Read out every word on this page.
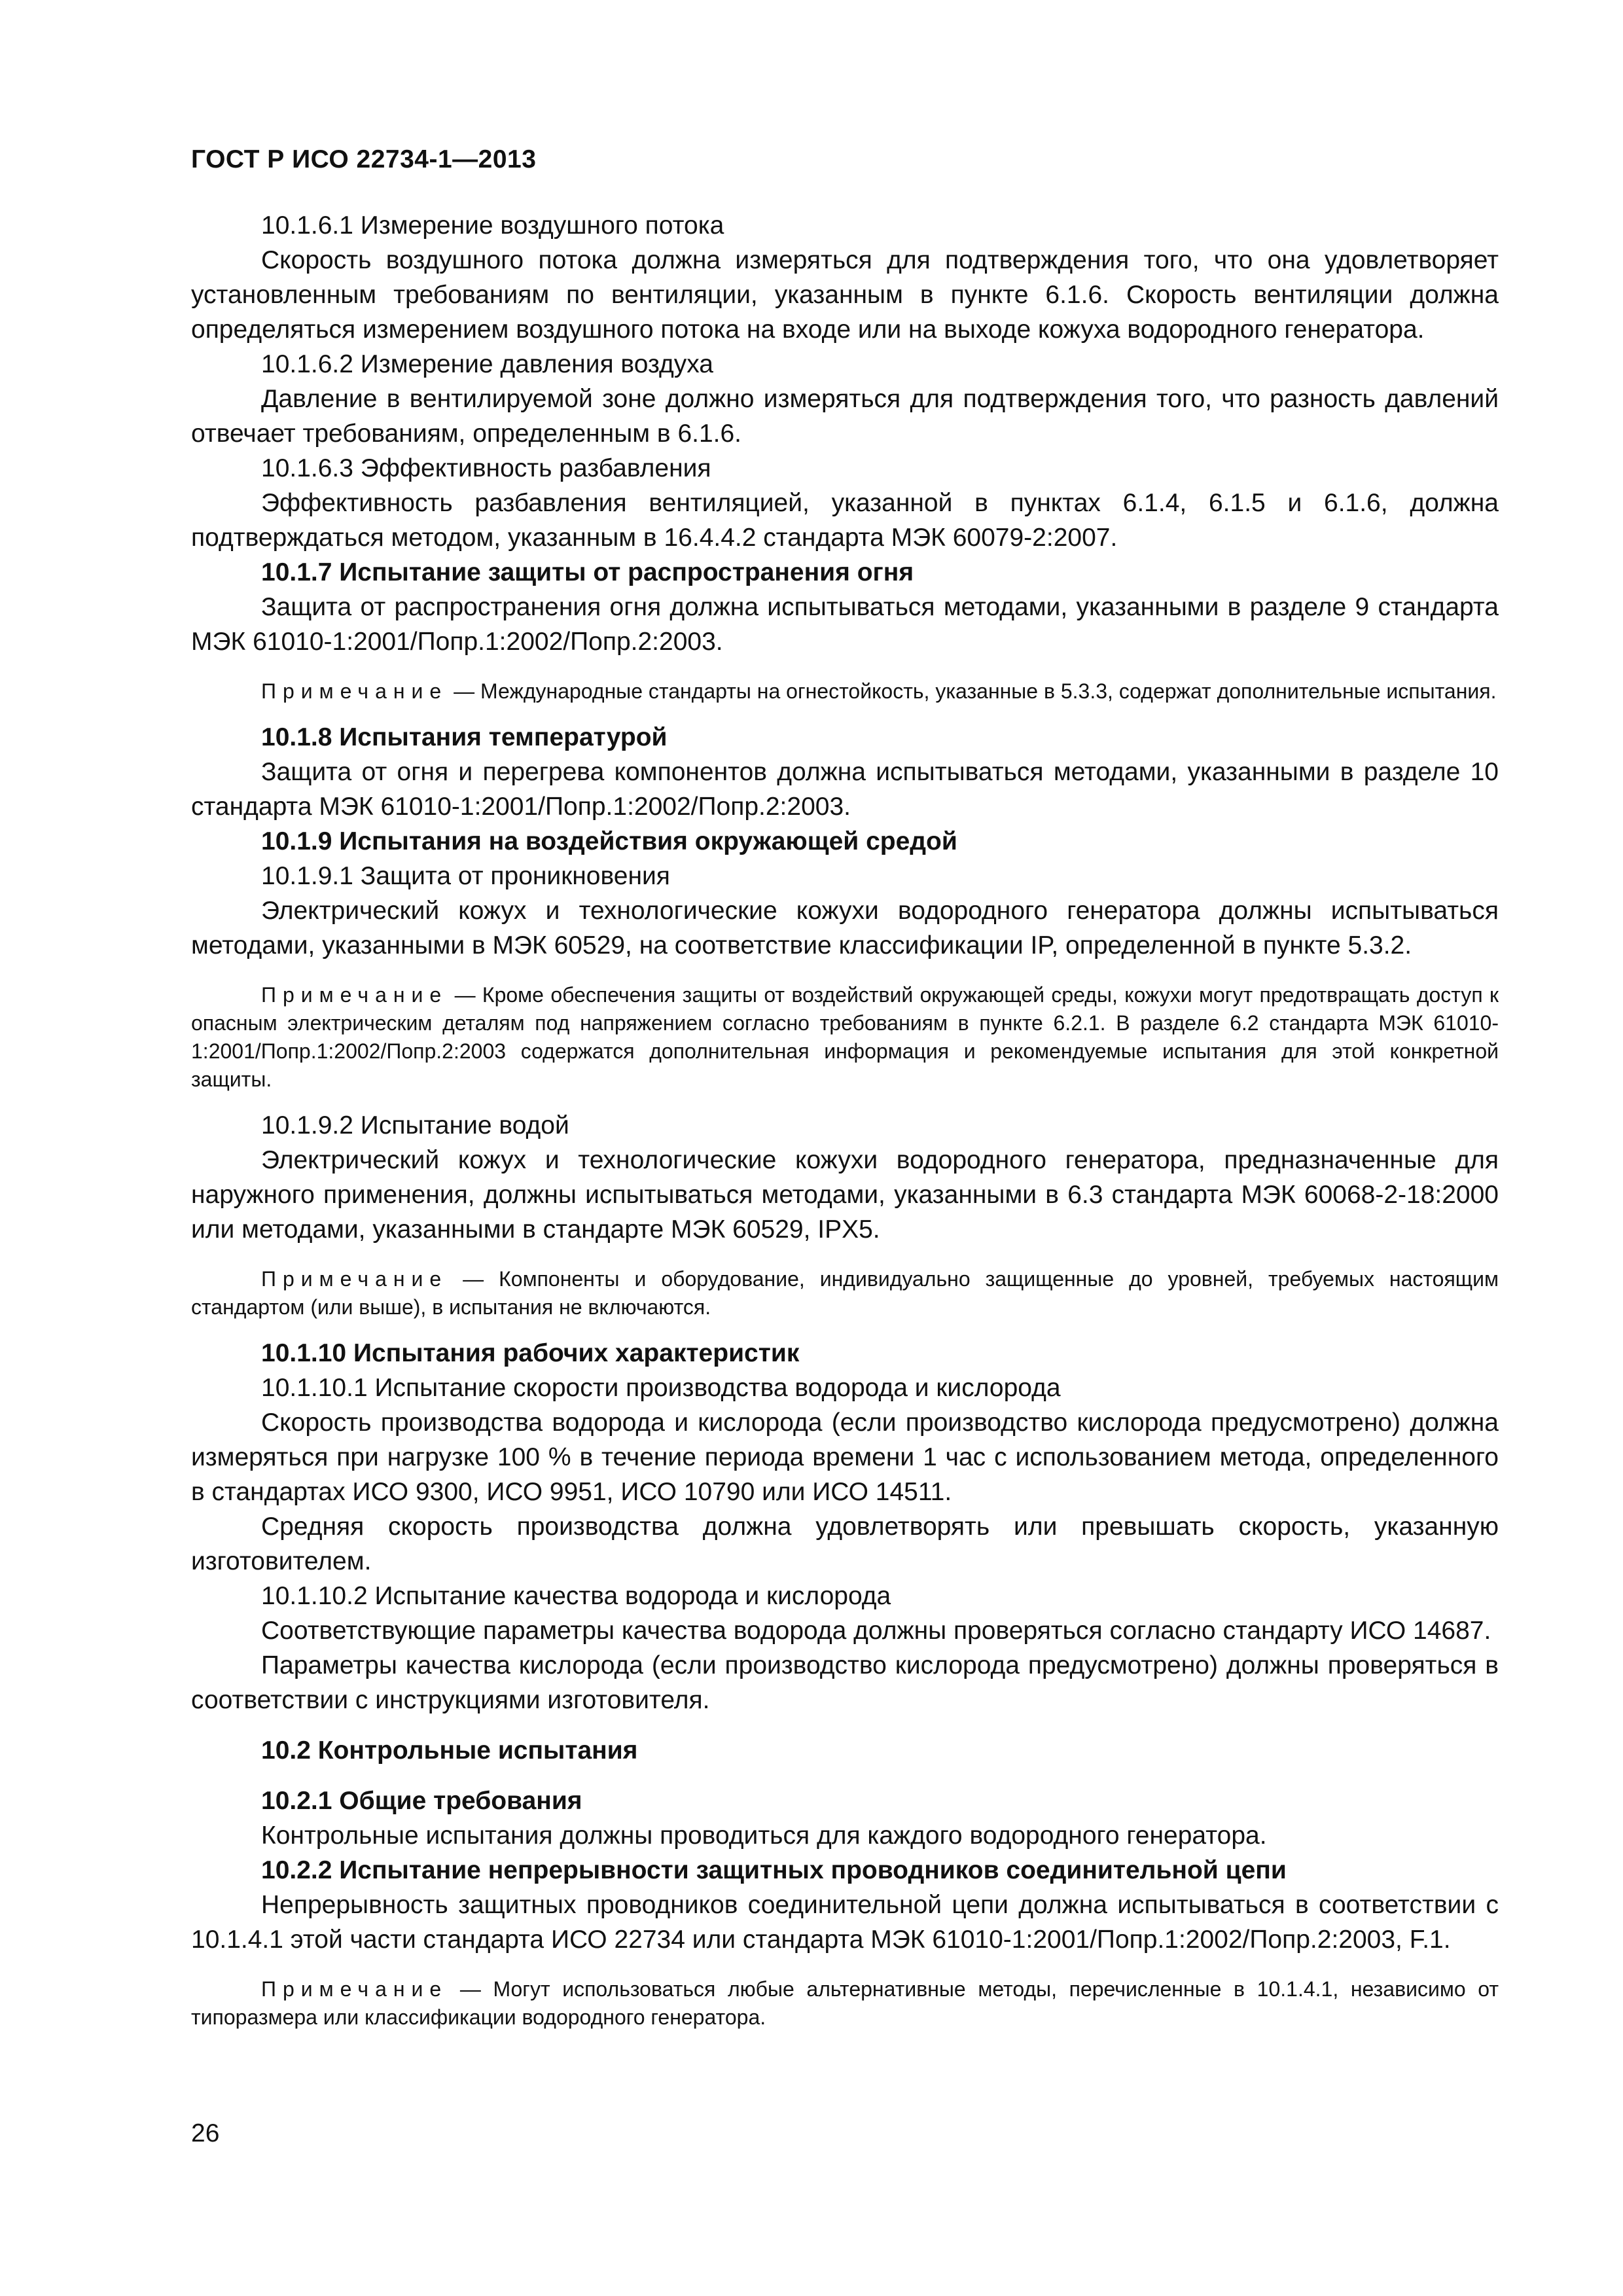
ГОСТ Р ИСО 22734-1—2013

10.1.6.1 Измерение воздушного потока

Скорость воздушного потока должна измеряться для подтверждения того, что она удовлетворяет установленным требованиям по вентиляции, указанным в пункте 6.1.6. Скорость вентиляции должна определяться измерением воздушного потока на входе или на выходе кожуха водородного генератора.

10.1.6.2 Измерение давления воздуха

Давление в вентилируемой зоне должно измеряться для подтверждения того, что разность давлений отвечает требованиям, определенным в 6.1.6.

10.1.6.3 Эффективность разбавления

Эффективность разбавления вентиляцией, указанной в пунктах 6.1.4, 6.1.5 и 6.1.6, должна подтверждаться методом, указанным в 16.4.4.2 стандарта МЭК 60079-2:2007.

10.1.7 Испытание защиты от распространения огня

Защита от распространения огня должна испытываться методами, указанными в разделе 9 стандарта МЭК 61010-1:2001/Попр.1:2002/Попр.2:2003.

Примечание — Международные стандарты на огнестойкость, указанные в 5.3.3, содержат дополнительные испытания.

10.1.8 Испытания температурой

Защита от огня и перегрева компонентов должна испытываться методами, указанными в разделе 10 стандарта МЭК 61010-1:2001/Попр.1:2002/Попр.2:2003.

10.1.9 Испытания на воздействия окружающей средой

10.1.9.1 Защита от проникновения

Электрический кожух и технологические кожухи водородного генератора должны испытываться методами, указанными в МЭК 60529, на соответствие классификации IP, определенной в пункте 5.3.2.

Примечание — Кроме обеспечения защиты от воздействий окружающей среды, кожухи могут предотвращать доступ к опасным электрическим деталям под напряжением согласно требованиям в пункте 6.2.1. В разделе 6.2 стандарта МЭК 61010-1:2001/Попр.1:2002/Попр.2:2003 содержатся дополнительная информация и рекомендуемые испытания для этой конкретной защиты.

10.1.9.2 Испытание водой

Электрический кожух и технологические кожухи водородного генератора, предназначенные для наружного применения, должны испытываться методами, указанными в 6.3 стандарта МЭК 60068-2-18:2000 или методами, указанными в стандарте МЭК 60529, IPX5.

Примечание — Компоненты и оборудование, индивидуально защищенные до уровней, требуемых настоящим стандартом (или выше), в испытания не включаются.

10.1.10 Испытания рабочих характеристик

10.1.10.1 Испытание скорости производства водорода и кислорода

Скорость производства водорода и кислорода (если производство кислорода предусмотрено) должна измеряться при нагрузке 100 % в течение периода времени 1 час с использованием метода, определенного в стандартах ИСО 9300, ИСО 9951, ИСО 10790 или ИСО 14511.

Средняя скорость производства должна удовлетворять или превышать скорость, указанную изготовителем.

10.1.10.2 Испытание качества водорода и кислорода

Соответствующие параметры качества водорода должны проверяться согласно стандарту ИСО 14687.

Параметры качества кислорода (если производство кислорода предусмотрено) должны проверяться в соответствии с инструкциями изготовителя.

10.2 Контрольные испытания

10.2.1 Общие требования

Контрольные испытания должны проводиться для каждого водородного генератора.

10.2.2 Испытание непрерывности защитных проводников соединительной цепи

Непрерывность защитных проводников соединительной цепи должна испытываться в соответствии с 10.1.4.1 этой части стандарта ИСО 22734 или стандарта МЭК 61010-1:2001/Попр.1:2002/Попр.2:2003, F.1.

Примечание — Могут использоваться любые альтернативные методы, перечисленные в 10.1.4.1, независимо от типоразмера или классификации водородного генератора.

26
